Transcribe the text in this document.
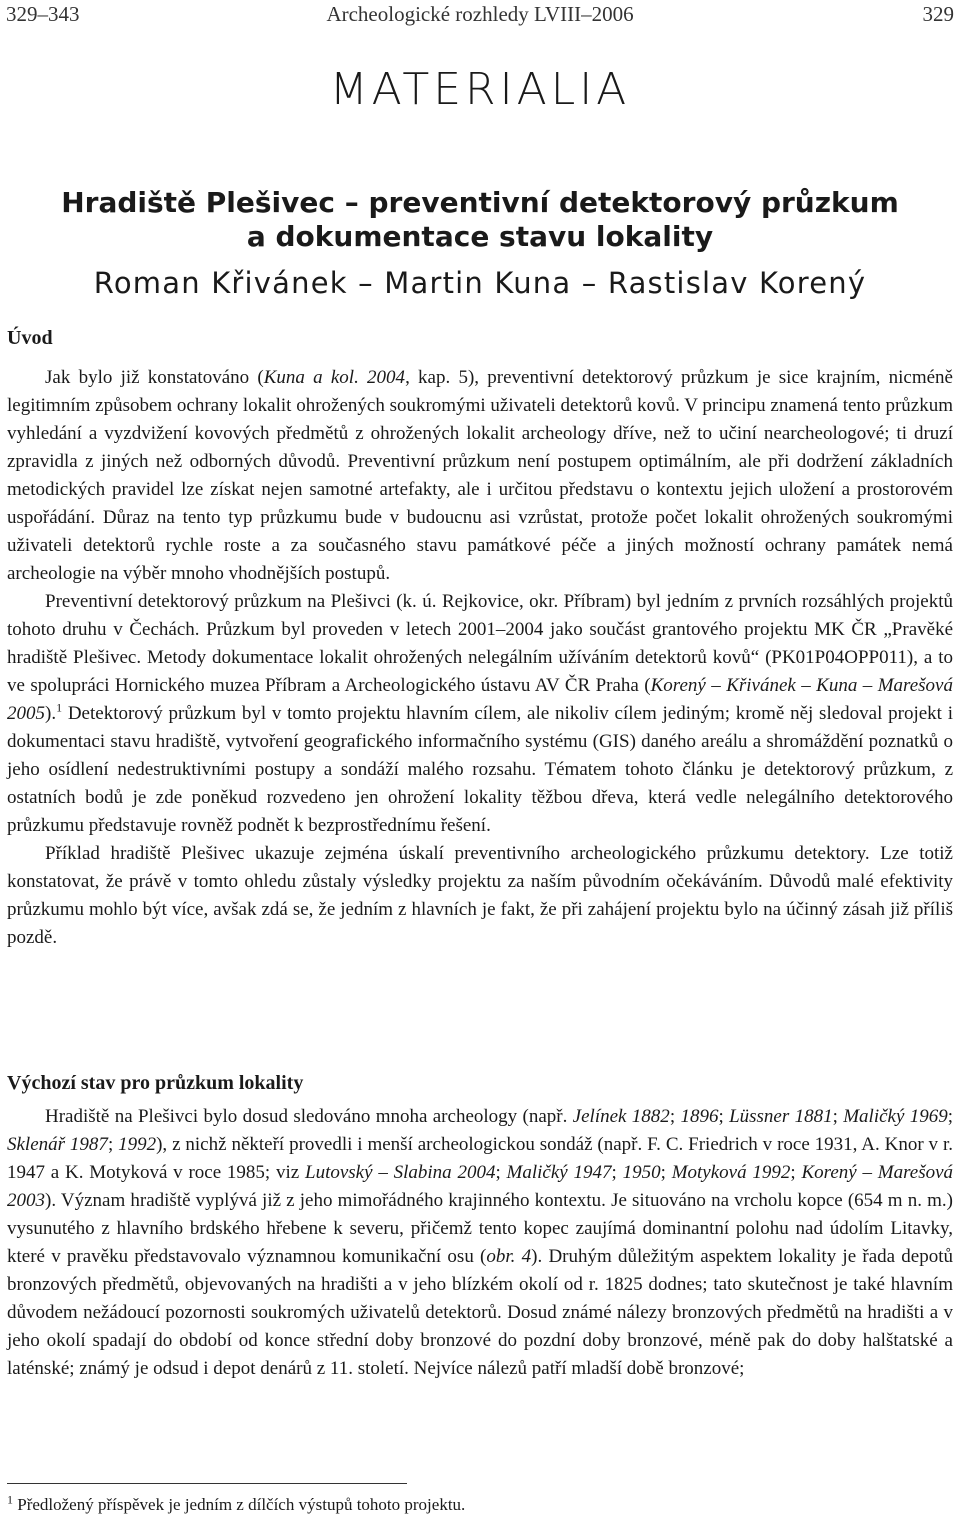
329–343	Archeologické rozhledy LVIII–2006	329
MATERIALIA
Hradiště Plešivec – preventivní detektorový průzkum
a dokumentace stavu lokality
Roman Křivánek – Martin Kuna – Rastislav Korený
Úvod

Jak bylo již konstatováno (Kuna a kol. 2004, kap. 5), preventivní detektorový průzkum je sice krajním, nicméně legitimním způsobem ochrany lokalit ohrožených soukromými uživateli detektorů kovů. V principu znamená tento průzkum vyhledání a vyzdvižení kovových předmětů z ohrožených lokalit archeology dříve, než to učiní nearcheologové; ti druzí zpravidla z jiných než odborných důvodů. Preventivní průzkum není postupem optimálním, ale při dodržení základních metodických pravidel lze získat nejen samotné artefakty, ale i určitou představu o kontextu jejich uložení a prostorovém uspořádání. Důraz na tento typ průzkumu bude v budoucnu asi vzrůstat, protože počet lokalit ohrožených soukromými uživateli detektorů rychle roste a za současného stavu památkové péče a jiných možností ochrany památek nemá archeologie na výběr mnoho vhodnějších postupů.

Preventivní detektorový průzkum na Plešivci (k. ú. Rejkovice, okr. Příbram) byl jedním z prvních rozsáhlých projektů tohoto druhu v Čechách. Průzkum byl proveden v letech 2001–2004 jako součást grantového projektu MK ČR „Pravěké hradiště Plešivec. Metody dokumentace lokalit ohrožených nelegálním užíváním detektorů kovů“ (PK01P04OPP011), a to ve spolupráci Hornického muzea Příbram a Archeologického ústavu AV ČR Praha (Korený – Křivánek – Kuna – Marešová 2005).$^1$ Detektorový průzkum byl v tomto projektu hlavním cílem, ale nikoliv cílem jediným; kromě něj sledoval projekt i dokumentaci stavu hradiště, vytvoření geografického informačního systému (GIS) daného areálu a shromáždění poznatků o jeho osídlení nedestruktivními postupy a sondáží malého rozsahu. Tématem tohoto článku je detektorový průzkum, z ostatních bodů je zde poněkud rozvedeno jen ohrožení lokality těžbou dřeva, která vedle nelegálního detektorového průzkumu představuje rovněž podnět k bezprostřednímu řešení.

Příklad hradiště Plešivec ukazuje zejména úskalí preventivního archeologického průzkumu detektory. Lze totiž konstatovat, že právě v tomto ohledu zůstaly výsledky projektu za naším původním očekáváním. Důvodů malé efektivity průzkumu mohlo být více, avšak zdá se, že jedním z hlavních je fakt, že při zahájení projektu bylo na účinný zásah již příliš pozdě.

Výchozí stav pro průzkum lokality

Hradiště na Plešivci bylo dosud sledováno mnoha archeology (např. Jelínek 1882; 1896; Lüssner 1881; Maličký 1969; Sklenář 1987; 1992), z nichž někteří provedli i menší archeologickou sondáž (např. F. C. Friedrich v roce 1931, A. Knor v r. 1947 a K. Motyková v roce 1985; viz Lutovský – Slabina 2004; Maličký 1947; 1950; Motyková 1992; Korený – Marešová 2003). Význam hradiště vyplývá již z jeho mimořádného krajinného kontextu. Je situováno na vrcholu kopce (654 m n. m.) vysunutého z hlavního brdského hřebene k severu, přičemž tento kopec zaujímá dominantní polohu nad údolím Litavky, které v pravěku představovalo významnou komunikační osu (obr. 4). Druhým důležitým aspektem lokality je řada depotů bronzových předmětů, objevovaných na hradišti a v jeho blízkém okolí od r. 1825 dodnes; tato skutečnost je také hlavním důvodem nežádoucí pozornosti soukromých uživatelů detektorů. Dosud známé nálezy bronzových předmětů na hradišti a v jeho okolí spadají do období od konce střední doby bronzové do pozdní doby bronzové, méně pak do doby halštatské a laténské; známý je odsud i depot denárů z 11. století. Nejvíce nálezů patří mladší době bronzové;

$^1$ Předložený příspěvek je jedním z dílčích výstupů tohoto projektu.
